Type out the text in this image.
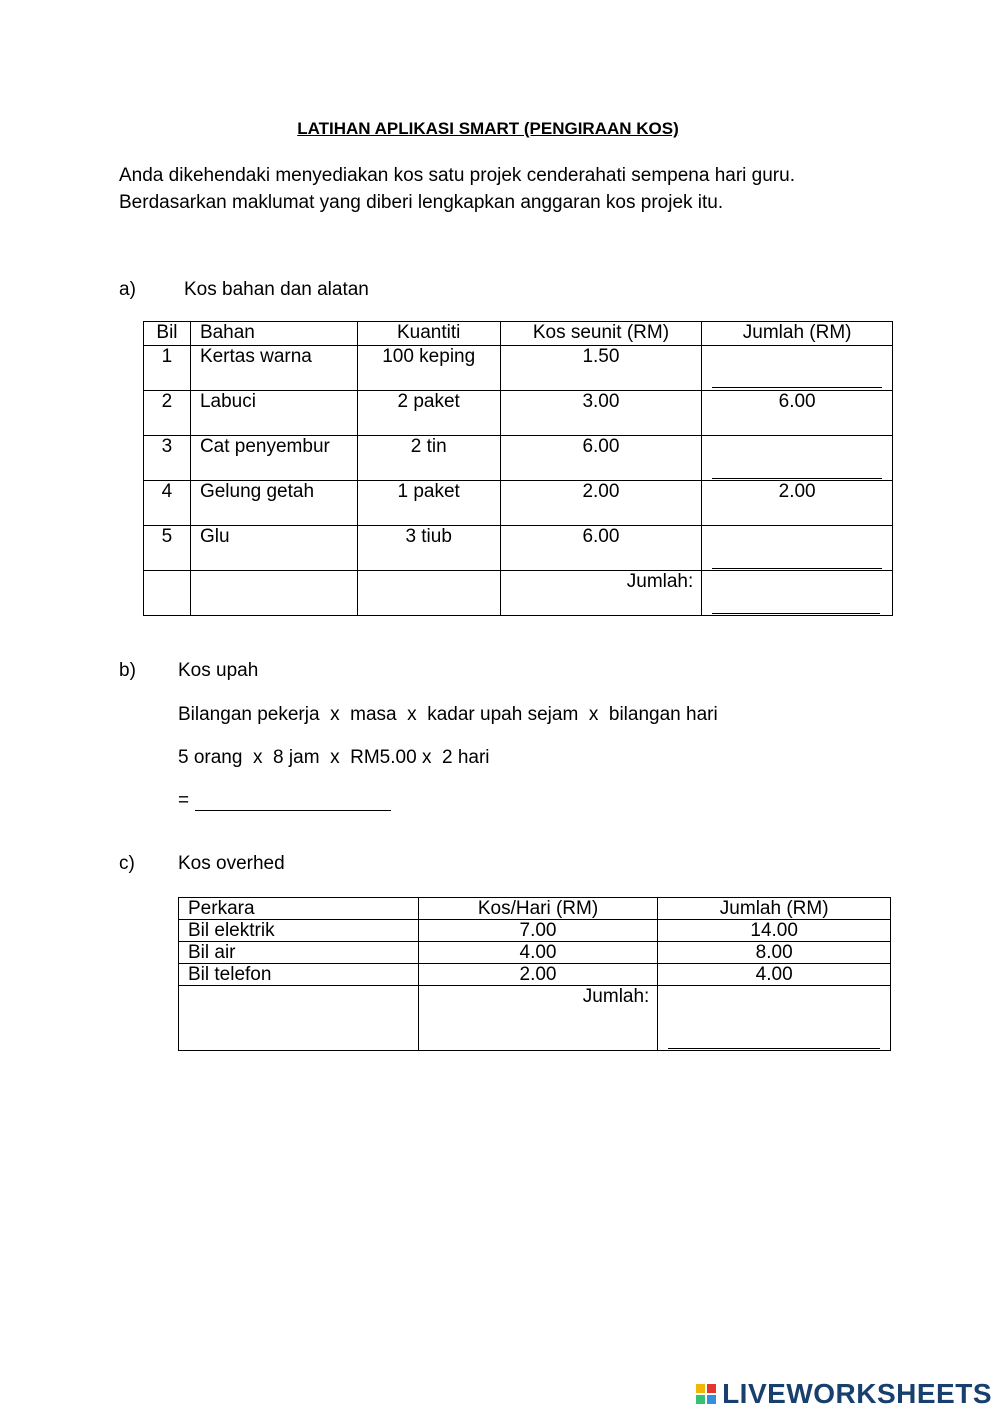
LATIHAN APLIKASI SMART (PENGIRAAN KOS)
Anda dikehendaki menyediakan kos satu projek cenderahati sempena hari guru.
Berdasarkan maklumat yang diberi lengkapkan anggaran kos projek itu.
a)	Kos bahan dan alatan
Bil	Bahan	Kuantiti	Kos seunit (RM)	Jumlah (RM)
1	Kertas warna	100 keping	1.50	

2	Labuci	2 paket	3.00	6.00
3	Cat penyembur	2 tin	6.00	

4	Gelung getah	1 paket	2.00	2.00
5	Glu	3 tiub	6.00	

			Jumlah:	
b) Kos upah
Bilangan pekerja  x  masa  x  kadar upah sejam  x  bilangan hari
5 orang  x  8 jam  x  RM5.00 x  2 hari
=
c) Kos overhed
Perkara	Kos/Hari (RM)	Jumlah (RM)
Bil elektrik	7.00	14.00
Bil air	4.00	8.00
Bil telefon	2.00	4.00
	Jumlah:	
LIVEWORKSHEETS
